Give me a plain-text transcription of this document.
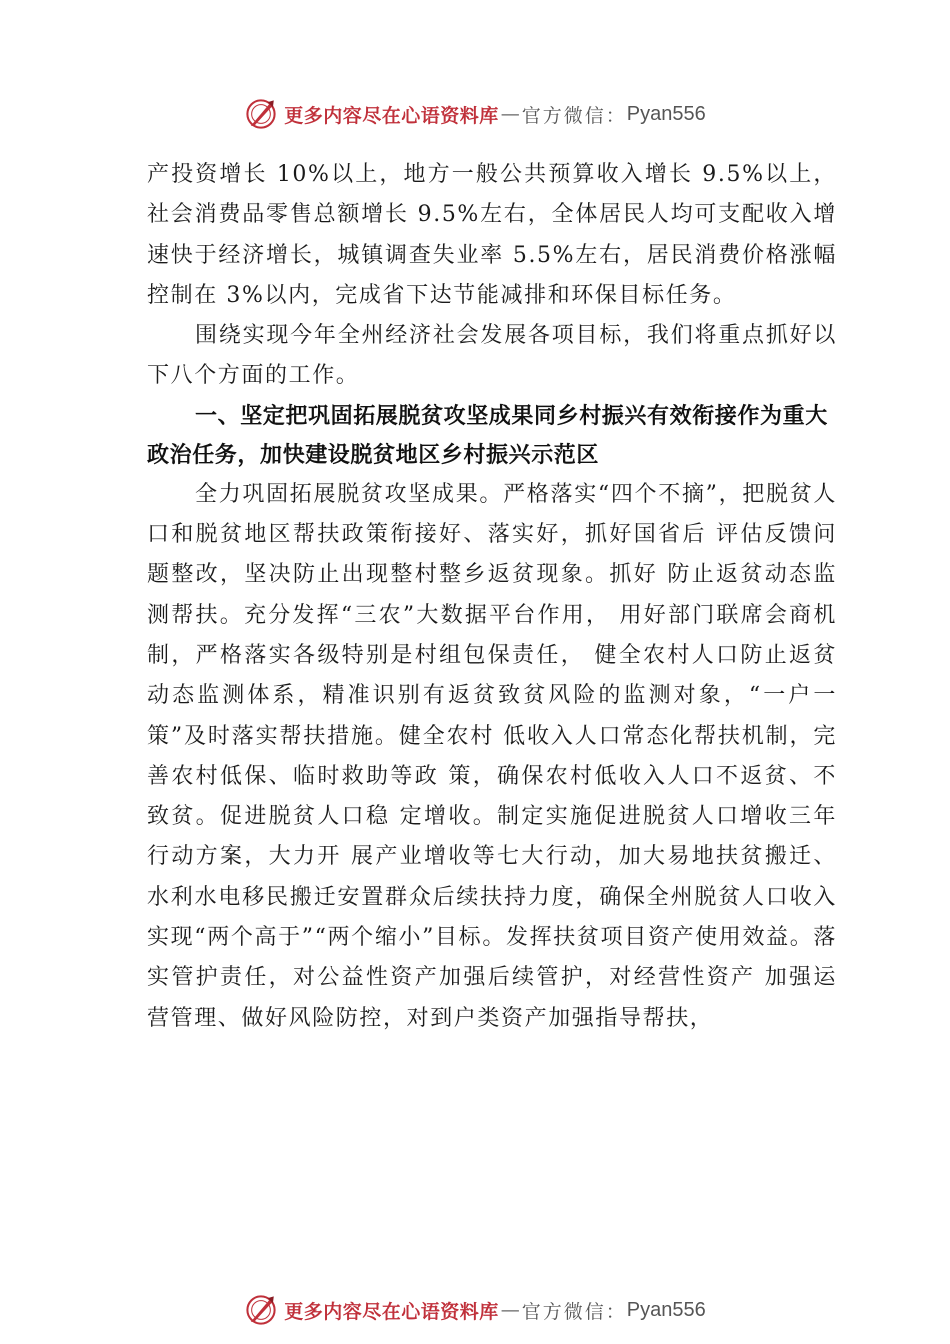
更多内容尽在心语资料库 — 官方微信： Pyan556

产投资增长 10%以上，地方一般公共预算收入增长 9.5%以上，社会消费品零售总额增长 9.5%左右，全体居民人均可支配收入增速快于经济增长，城镇调查失业率 5.5%左右，居民消费价格涨幅控制在 3%以内，完成省下达节能减排和环保目标任务。

围绕实现今年全州经济社会发展各项目标，我们将重点抓好以下八个方面的工作。

一、坚定把巩固拓展脱贫攻坚成果同乡村振兴有效衔接作为重大政治任务，加快建设脱贫地区乡村振兴示范区

全力巩固拓展脱贫攻坚成果。严格落实“四个不摘”，把脱贫人口和脱贫地区帮扶政策衔接好、落实好，抓好国省后 评估反馈问题整改，坚决防止出现整村整乡返贫现象。抓好 防止返贫动态监测帮扶。充分发挥“三农”大数据平台作用， 用好部门联席会商机制，严格落实各级特别是村组包保责任， 健全农村人口防止返贫动态监测体系，精准识别有返贫致贫风险的监测对象，“一户一策”及时落实帮扶措施。健全农村 低收入人口常态化帮扶机制，完善农村低保、临时救助等政 策，确保农村低收入人口不返贫、不致贫。促进脱贫人口稳 定增收。制定实施促进脱贫人口增收三年行动方案，大力开 展产业增收等七大行动，加大易地扶贫搬迁、水利水电移民搬迁安置群众后续扶持力度，确保全州脱贫人口收入实现“两个高于”“两个缩小”目标。发挥扶贫项目资产使用效益。落实管护责任，对公益性资产加强后续管护，对经营性资产 加强运营管理、做好风险防控，对到户类资产加强指导帮扶，

更多内容尽在心语资料库 — 官方微信： Pyan556
